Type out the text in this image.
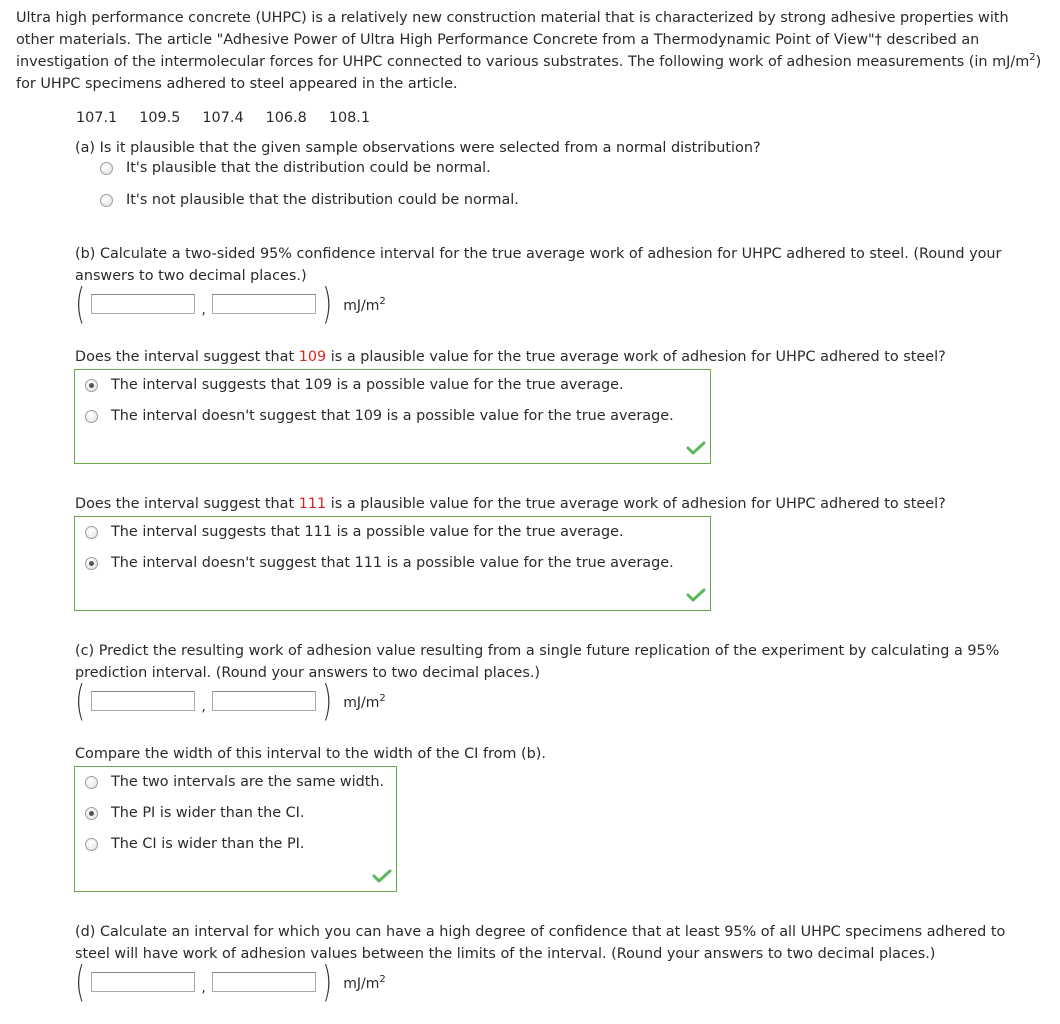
Ultra high performance concrete (UHPC) is a relatively new construction material that is characterized by strong adhesive properties with other materials. The article "Adhesive Power of Ultra High Performance Concrete from a Thermodynamic Point of View"† described an investigation of the intermolecular forces for UHPC connected to various substrates. The following work of adhesion measurements (in $mJ/m^2$) for UHPC specimens adhered to steel appeared in the article.
107.1 109.5 107.4 106.8 108.1
(a) Is it plausible that the given sample observations were selected from a normal distribution?
It's plausible that the distribution could be normal.
It's not plausible that the distribution could be normal.
(b) Calculate a two-sided 95% confidence interval for the true average work of adhesion for UHPC adhered to steel. (Round your answers to two decimal places.)
(	,	) $mJ/m^2$
Does the interval suggest that 109 is a plausible value for the true average work of adhesion for UHPC adhered to steel?
The interval suggests that 109 is a possible value for the true average.
The interval doesn't suggest that 109 is a possible value for the true average.
Does the interval suggest that 111 is a plausible value for the true average work of adhesion for UHPC adhered to steel?
The interval suggests that 111 is a possible value for the true average.
The interval doesn't suggest that 111 is a possible value for the true average.
(c) Predict the resulting work of adhesion value resulting from a single future replication of the experiment by calculating a 95% prediction interval. (Round your answers to two decimal places.)
(	,	) $mJ/m^2$
Compare the width of this interval to the width of the CI from (b).
The two intervals are the same width.
The PI is wider than the CI.
The CI is wider than the PI.
(d) Calculate an interval for which you can have a high degree of confidence that at least 95% of all UHPC specimens adhered to steel will have work of adhesion values between the limits of the interval. (Round your answers to two decimal places.)
(	,	) $mJ/m^2$
